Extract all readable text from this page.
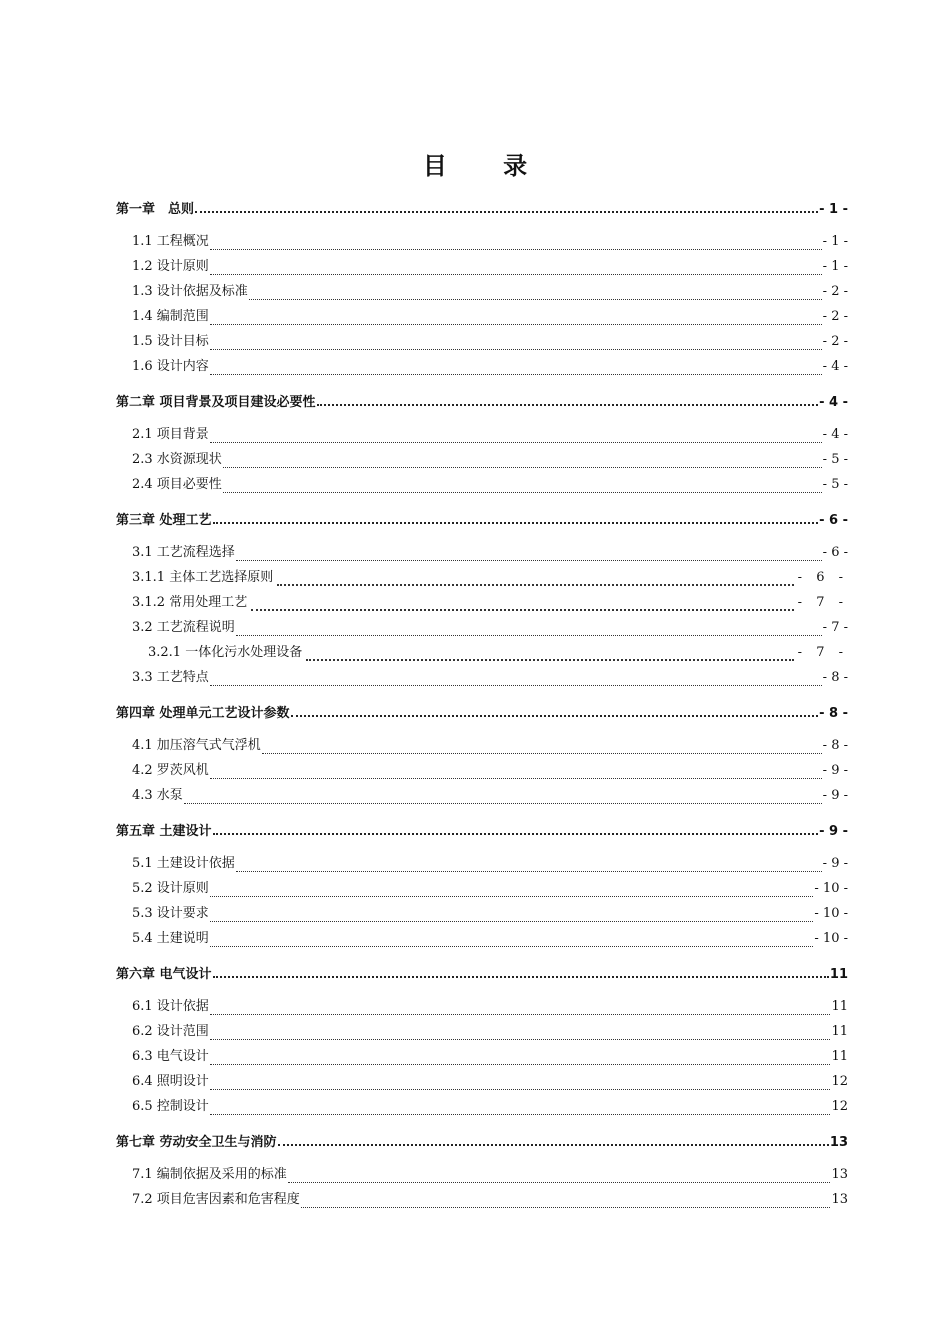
目 录
第一章　总则	- 1 -
1.1 工程概况	- 1 -
1.2 设计原则	- 1 -
1.3 设计依据及标准	- 2 -
1.4 编制范围	- 2 -
1.5 设计目标	- 2 -
1.6 设计内容	- 4 -
第二章 项目背景及项目建设必要性	- 4 -
2.1 项目背景	- 4 -
2.3 水资源现状	- 5 -
2.4 项目必要性	- 5 -
第三章 处理工艺	- 6 -
3.1 工艺流程选择	- 6 -
3.1.1 主体工艺选择原则	- 6 -
3.1.2 常用处理工艺	- 7 -
3.2 工艺流程说明	- 7 -
3.2.1 一体化污水处理设备	- 7 -
3.3 工艺特点	- 8 -
第四章 处理单元工艺设计参数	- 8 -
4.1 加压溶气式气浮机	- 8 -
4.2 罗茨风机	- 9 -
4.3 水泵	- 9 -
第五章 土建设计	- 9 -
5.1 土建设计依据	- 9 -
5.2 设计原则	- 10 -
5.3 设计要求	- 10 -
5.4 土建说明	- 10 -
第六章 电气设计	11
6.1 设计依据	11
6.2 设计范围	11
6.3 电气设计	11
6.4 照明设计	12
6.5 控制设计	12
第七章 劳动安全卫生与消防	13
7.1 编制依据及采用的标准	13
7.2 项目危害因素和危害程度	13
